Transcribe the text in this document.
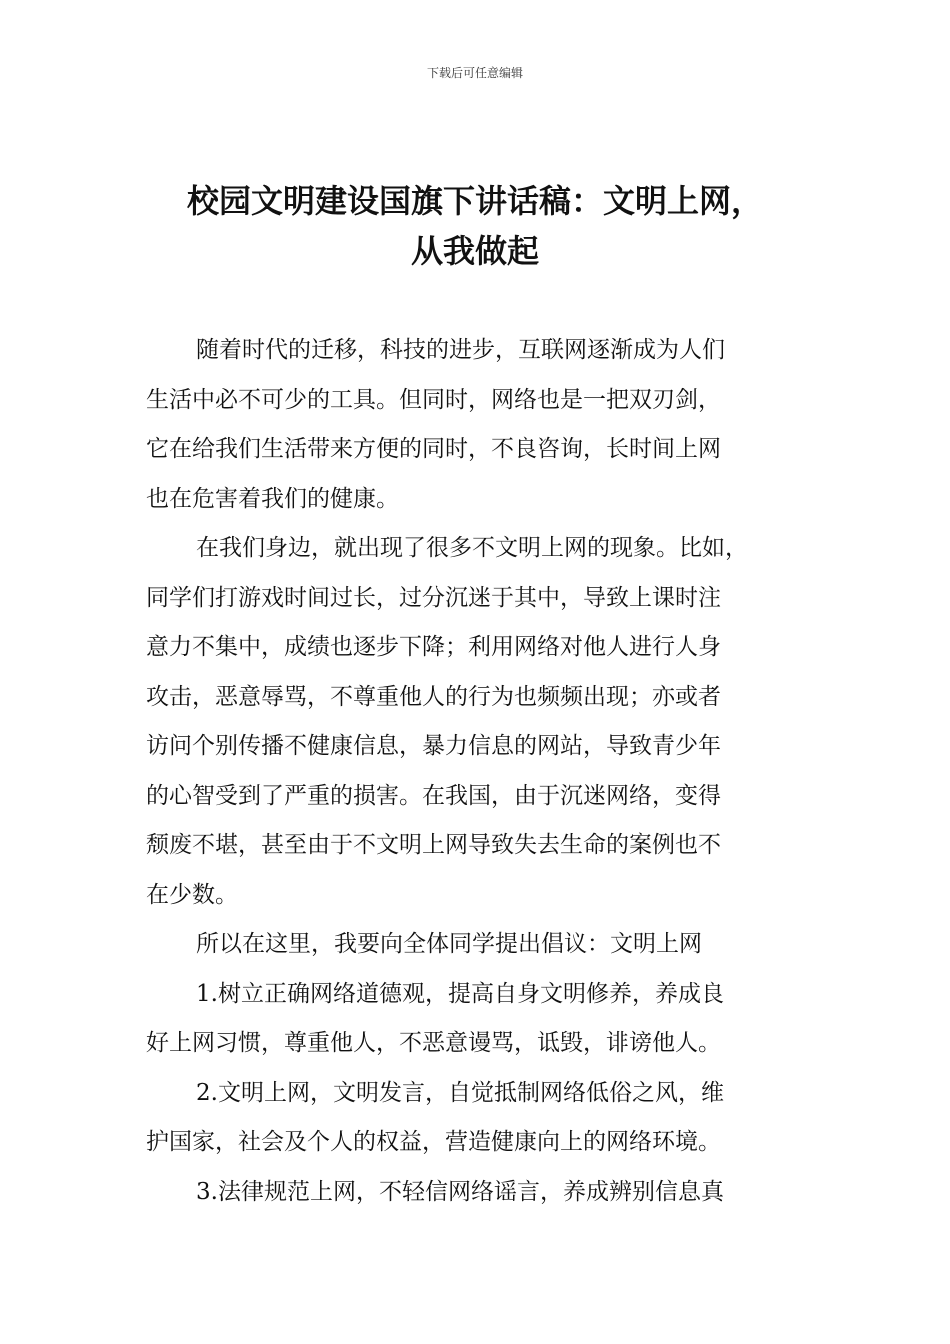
下载后可任意编辑
校园文明建设国旗下讲话稿：文明上网，
从我做起

随着时代的迁移，科技的进步，互联网逐渐成为人们
生活中必不可少的工具。但同时，网络也是一把双刃剑，
它在给我们生活带来方便的同时，不良咨询，长时间上网
也在危害着我们的健康。

在我们身边，就出现了很多不文明上网的现象。比如，
同学们打游戏时间过长，过分沉迷于其中，导致上课时注
意力不集中，成绩也逐步下降；利用网络对他人进行人身
攻击，恶意辱骂，不尊重他人的行为也频频出现；亦或者
访问个别传播不健康信息，暴力信息的网站，导致青少年
的心智受到了严重的损害。在我国，由于沉迷网络，变得
颓废不堪，甚至由于不文明上网导致失去生命的案例也不
在少数。

所以在这里，我要向全体同学提出倡议：文明上网

1.树立正确网络道德观，提高自身文明修养，养成良
好上网习惯，尊重他人，不恶意谩骂，诋毁，诽谤他人。

2.文明上网，文明发言，自觉抵制网络低俗之风，维
护国家，社会及个人的权益，营造健康向上的网络环境。

3.法律规范上网，不轻信网络谣言，养成辨别信息真
